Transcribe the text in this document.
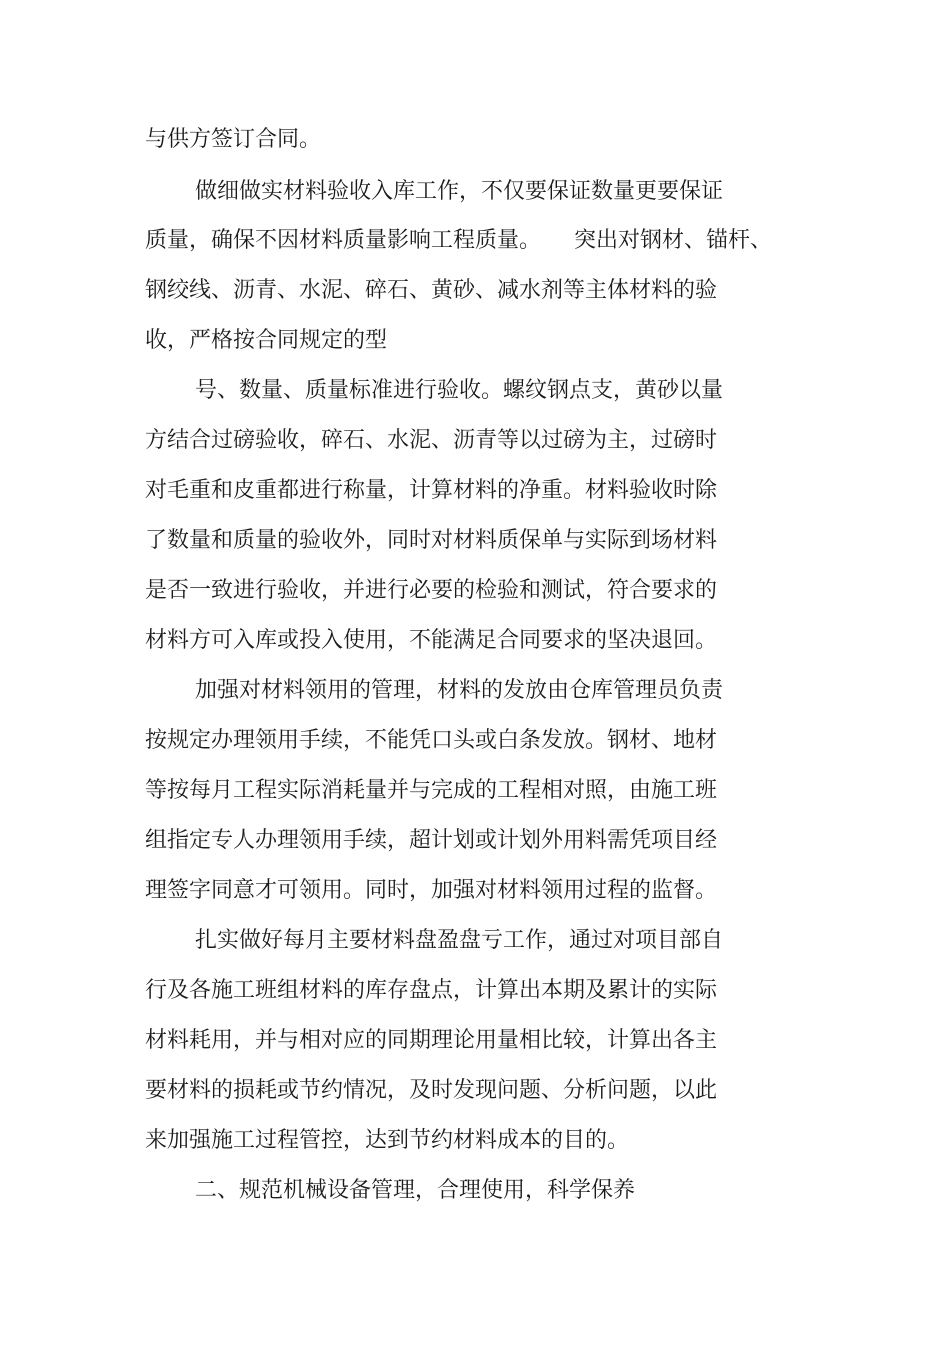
与供方签订合同。
做细做实材料验收入库工作，不仅要保证数量更要保证
质量，确保不因材料质量影响工程质量。　　突出对钢材、锚杆、
钢绞线、沥青、水泥、碎石、黄砂、减水剂等主体材料的验
收，严格按合同规定的型
号、数量、质量标准进行验收。螺纹钢点支，黄砂以量
方结合过磅验收，碎石、水泥、沥青等以过磅为主，过磅时
对毛重和皮重都进行称量，计算材料的净重。材料验收时除
了数量和质量的验收外，同时对材料质保单与实际到场材料
是否一致进行验收，并进行必要的检验和测试，符合要求的
材料方可入库或投入使用，不能满足合同要求的坚决退回。
加强对材料领用的管理，材料的发放由仓库管理员负责
按规定办理领用手续，不能凭口头或白条发放。钢材、地材
等按每月工程实际消耗量并与完成的工程相对照，由施工班
组指定专人办理领用手续，超计划或计划外用料需凭项目经
理签字同意才可领用。同时，加强对材料领用过程的监督。
扎实做好每月主要材料盘盈盘亏工作，通过对项目部自
行及各施工班组材料的库存盘点，计算出本期及累计的实际
材料耗用，并与相对应的同期理论用量相比较，计算出各主
要材料的损耗或节约情况，及时发现问题、分析问题，以此
来加强施工过程管控，达到节约材料成本的目的。
二、规范机械设备管理，合理使用，科学保养
